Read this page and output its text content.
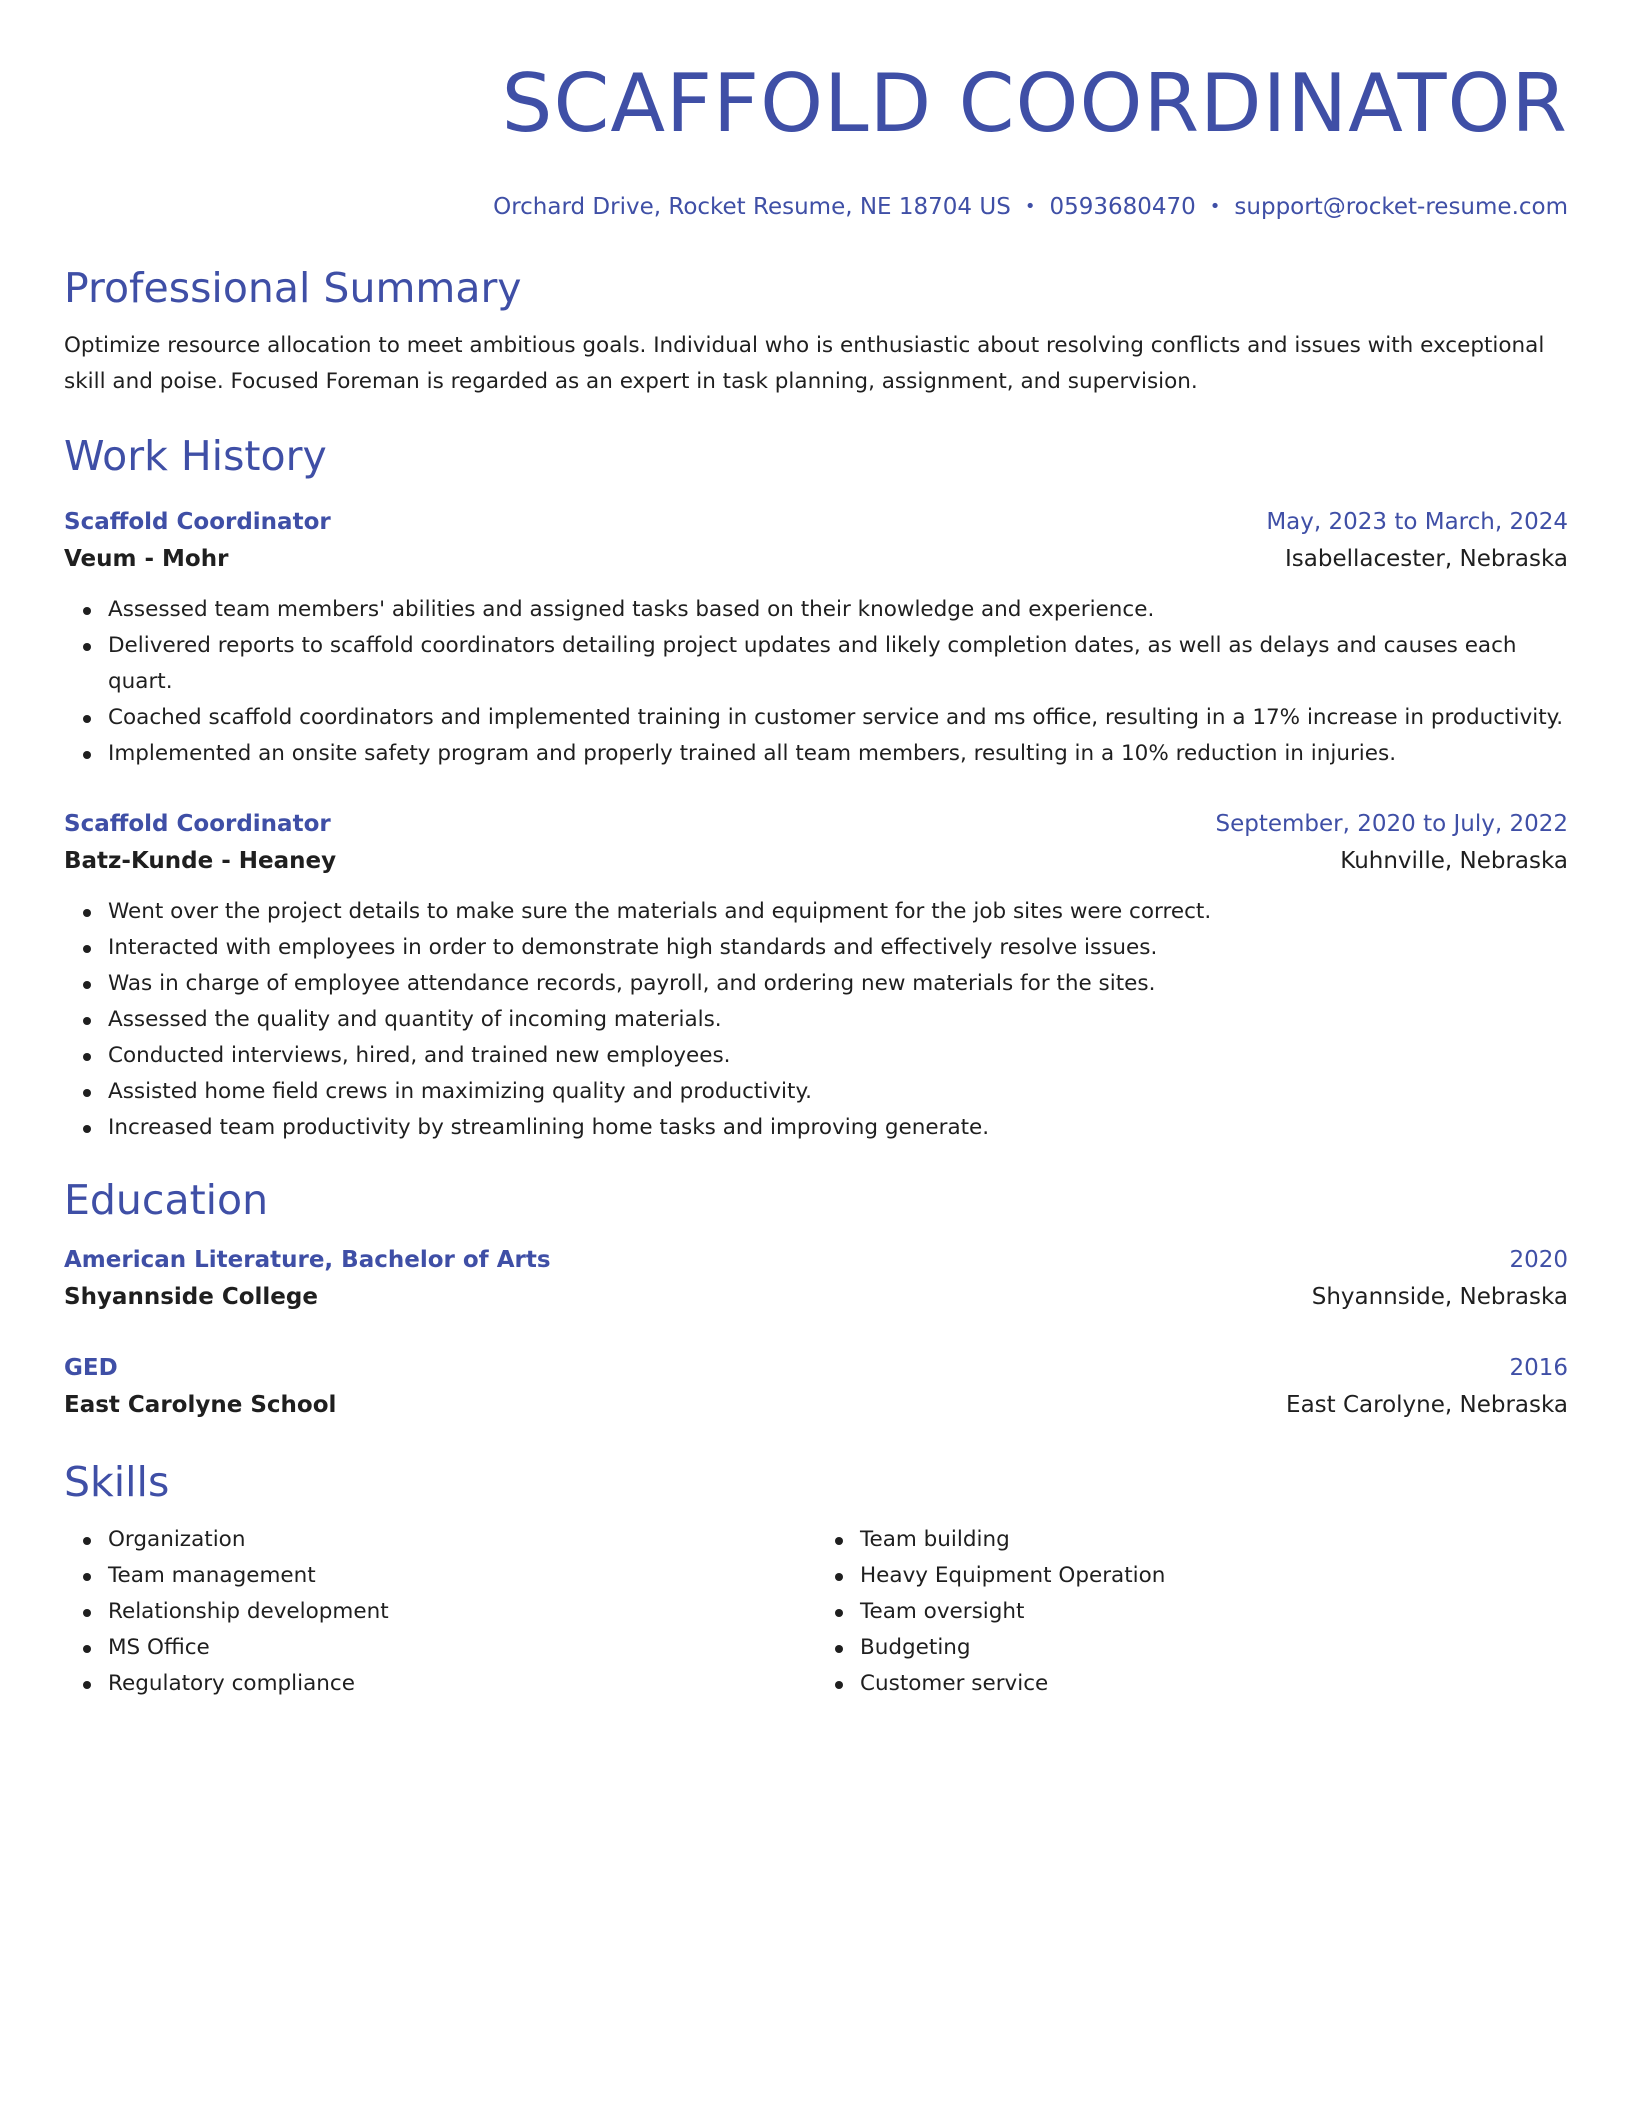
SCAFFOLD COORDINATOR
Orchard Drive, Rocket Resume, NE 18704 US • 0593680470 • support@rocket-resume.com
Professional Summary
Optimize resource allocation to meet ambitious goals. Individual who is enthusiastic about resolving conflicts and issues with exceptional skill and poise. Focused Foreman is regarded as an expert in task planning, assignment, and supervision.
Work History
Scaffold Coordinator	May, 2023 to March, 2024
Veum - Mohr	Isabellacester, Nebraska
Assessed team members' abilities and assigned tasks based on their knowledge and experience.
Delivered reports to scaffold coordinators detailing project updates and likely completion dates, as well as delays and causes each quart.
Coached scaffold coordinators and implemented training in customer service and ms office, resulting in a 17% increase in productivity.
Implemented an onsite safety program and properly trained all team members, resulting in a 10% reduction in injuries.
Scaffold Coordinator	September, 2020 to July, 2022
Batz-Kunde - Heaney	Kuhnville, Nebraska
Went over the project details to make sure the materials and equipment for the job sites were correct.
Interacted with employees in order to demonstrate high standards and effectively resolve issues.
Was in charge of employee attendance records, payroll, and ordering new materials for the sites.
Assessed the quality and quantity of incoming materials.
Conducted interviews, hired, and trained new employees.
Assisted home field crews in maximizing quality and productivity.
Increased team productivity by streamlining home tasks and improving generate.
Education
American Literature, Bachelor of Arts	2020
Shyannside College	Shyannside, Nebraska
GED	2016
East Carolyne School	East Carolyne, Nebraska
Skills
Organization
Team management
Relationship development
MS Office
Regulatory compliance
Team building
Heavy Equipment Operation
Team oversight
Budgeting
Customer service
